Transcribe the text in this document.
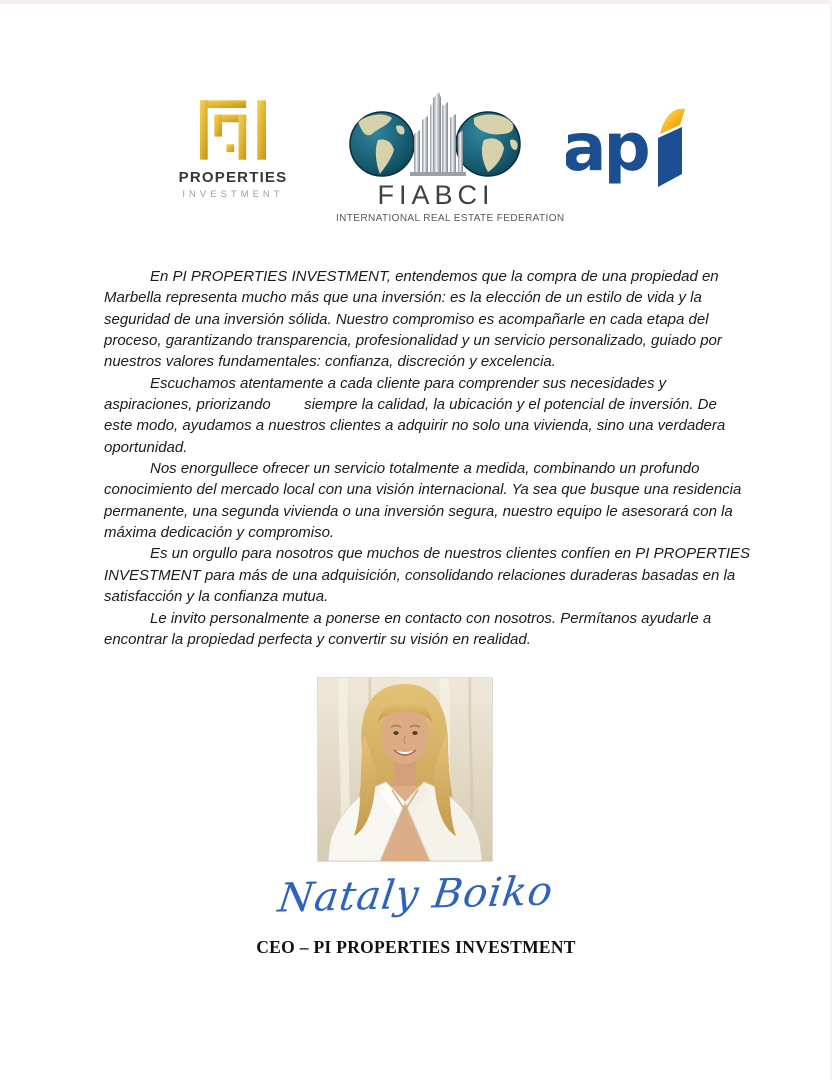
PROPERTIES
INVESTMENT	FIABCI
INTERNATIONAL REAL ESTATE FEDERATION
ap
En PI PROPERTIES INVESTMENT, entendemos que la compra de una propiedad en
Marbella representa mucho más que una inversión: es la elección de un estilo de vida y la
seguridad de una inversión sólida. Nuestro compromiso es acompañarle en cada etapa del
proceso, garantizando transparencia, profesionalidad y un servicio personalizado, guiado por
nuestros valores fundamentales: confianza, discreción y excelencia.
Escuchamos atentamente a cada cliente para comprender sus necesidades y
aspiraciones, priorizando        siempre la calidad, la ubicación y el potencial de inversión. De
este modo, ayudamos a nuestros clientes a adquirir no solo una vivienda, sino una verdadera
oportunidad.
Nos enorgullece ofrecer un servicio totalmente a medida, combinando un profundo
conocimiento del mercado local con una visión internacional. Ya sea que busque una residencia
permanente, una segunda vivienda o una inversión segura, nuestro equipo le asesorará con la
máxima dedicación y compromiso.
Es un orgullo para nosotros que muchos de nuestros clientes confíen en PI PROPERTIES
INVESTMENT para más de una adquisición, consolidando relaciones duraderas basadas en la
satisfacción y la confianza mutua.
Le invito personalmente a ponerse en contacto con nosotros. Permítanos ayudarle a
encontrar la propiedad perfecta y convertir su visión en realidad.
Nataly Boiko
CEO – PI PROPERTIES INVESTMENT
